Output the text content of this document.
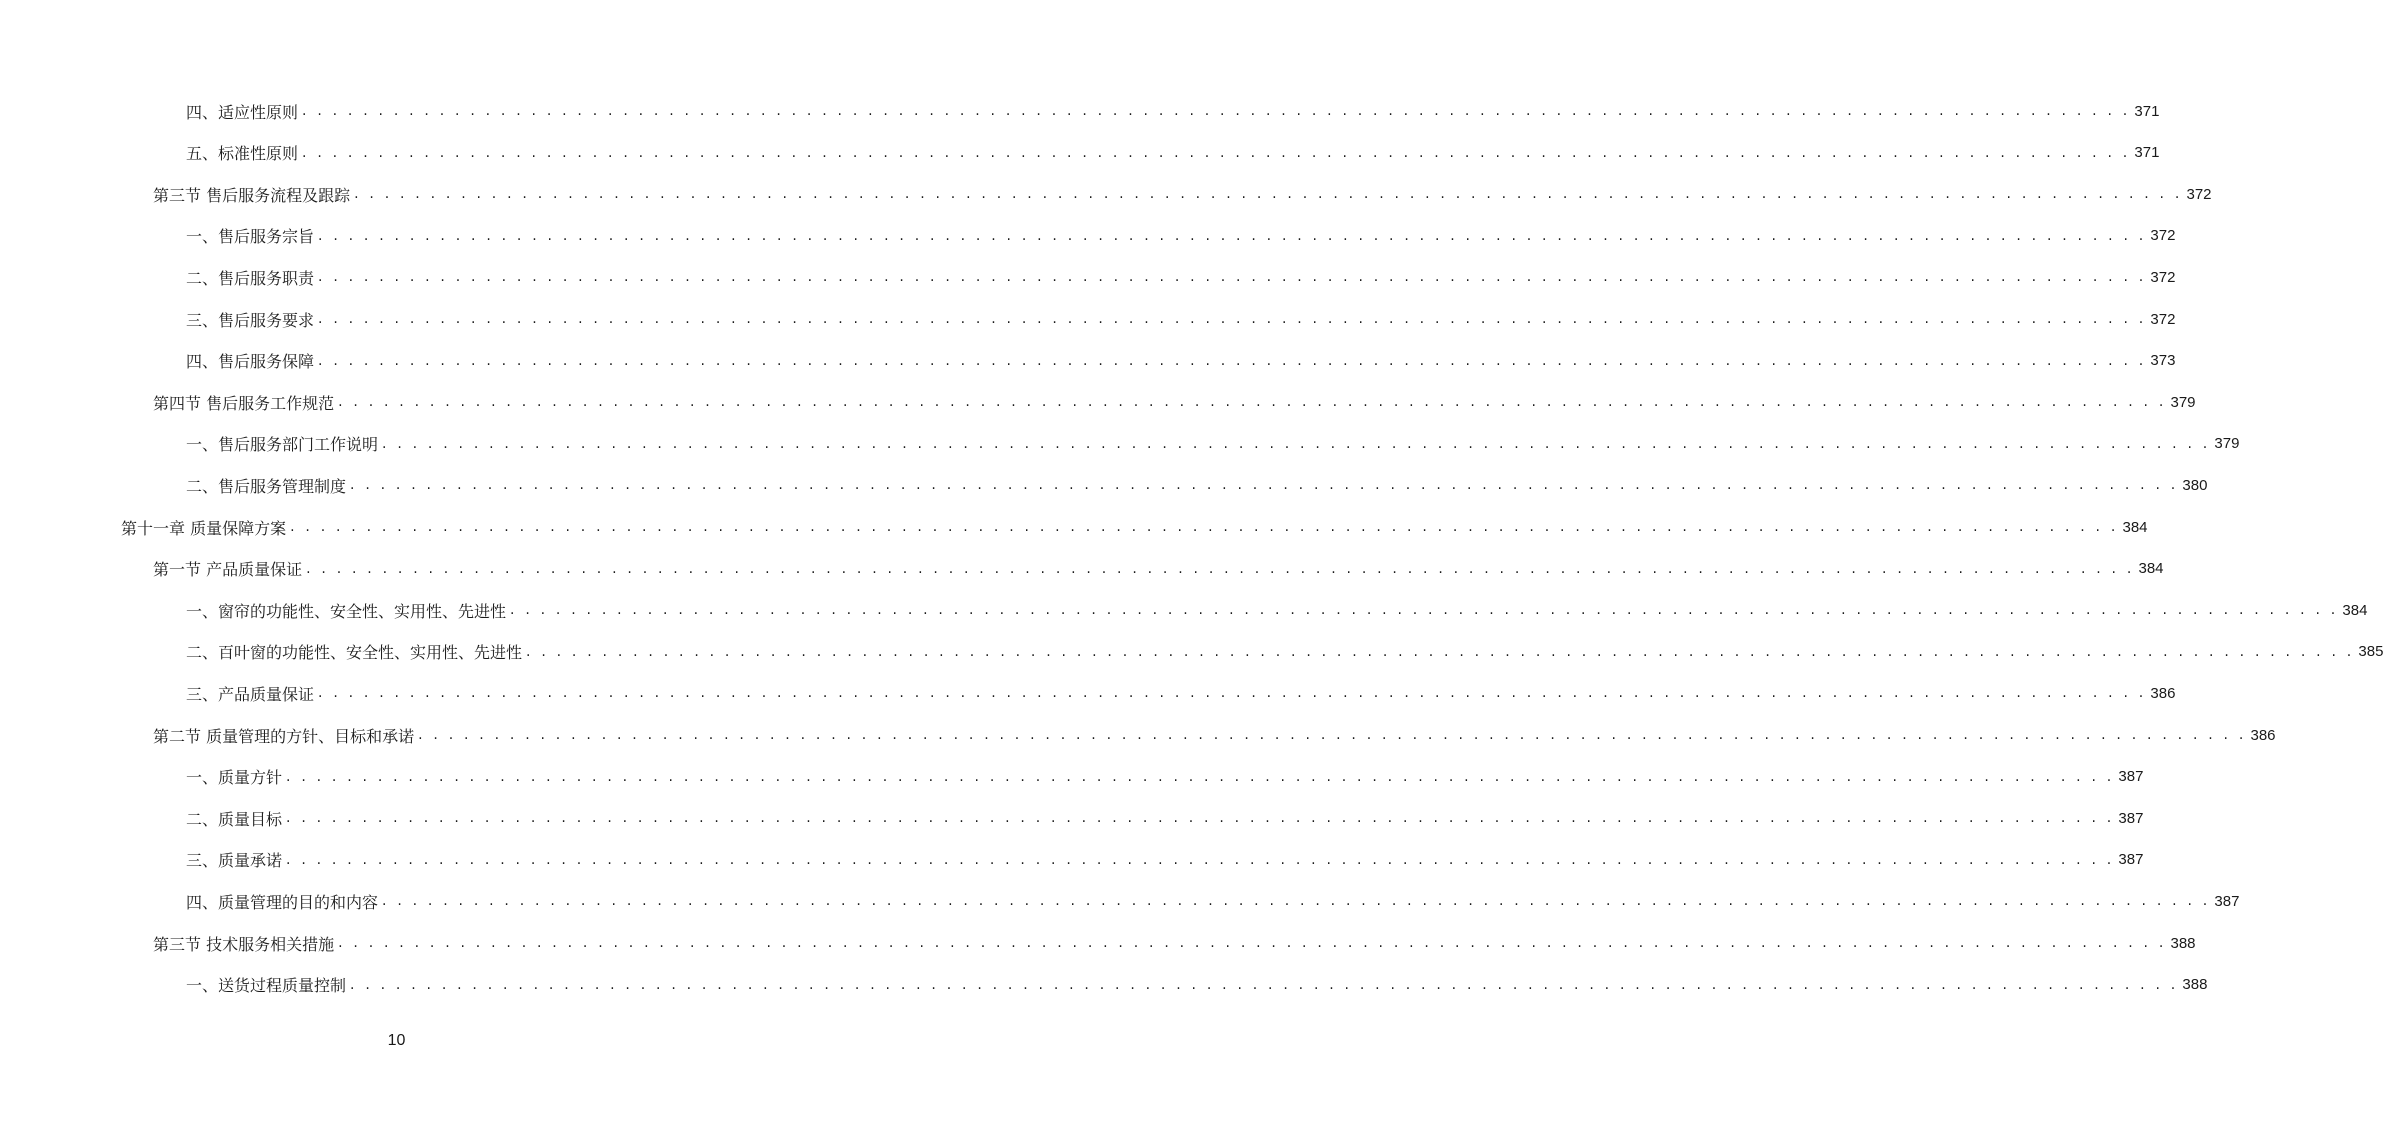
四、适应性原则 . . . . . . . . . . . . . . . . . . . . . . . . . . . . . . . . . . . . . . . . . . . . . . . . . . . . . . . . . . . . . . . . . . . . . . . . . . . . . . . . . . . . . . . . . . . . . . . . . . . . . . . . . . . . . . . . . . . . . . . . 371
五、标准性原则 . . . . . . . . . . . . . . . . . . . . . . . . . . . . . . . . . . . . . . . . . . . . . . . . . . . . . . . . . . . . . . . . . . . . . . . . . . . . . . . . . . . . . . . . . . . . . . . . . . . . . . . . . . . . . . . . . . . . . . . . 371
第三节 售后服务流程及跟踪 . . . . . . . . . . . . . . . . . . . . . . . . . . . . . . . . . . . . . . . . . . . . . . . . . . . . . . . . . . . . . . . . . . . . . . . . . . . . . . . . . . . . . . . . . . . . . . . . . . . . . . . . . . . . . . . . . . . . . . . . 372
一、售后服务宗旨 . . . . . . . . . . . . . . . . . . . . . . . . . . . . . . . . . . . . . . . . . . . . . . . . . . . . . . . . . . . . . . . . . . . . . . . . . . . . . . . . . . . . . . . . . . . . . . . . . . . . . . . . . . . . . . . . . . . . . . . . 372
二、售后服务职责 . . . . . . . . . . . . . . . . . . . . . . . . . . . . . . . . . . . . . . . . . . . . . . . . . . . . . . . . . . . . . . . . . . . . . . . . . . . . . . . . . . . . . . . . . . . . . . . . . . . . . . . . . . . . . . . . . . . . . . . . 372
三、售后服务要求 . . . . . . . . . . . . . . . . . . . . . . . . . . . . . . . . . . . . . . . . . . . . . . . . . . . . . . . . . . . . . . . . . . . . . . . . . . . . . . . . . . . . . . . . . . . . . . . . . . . . . . . . . . . . . . . . . . . . . . . . 372
四、售后服务保障 . . . . . . . . . . . . . . . . . . . . . . . . . . . . . . . . . . . . . . . . . . . . . . . . . . . . . . . . . . . . . . . . . . . . . . . . . . . . . . . . . . . . . . . . . . . . . . . . . . . . . . . . . . . . . . . . . . . . . . . . 373
第四节 售后服务工作规范 . . . . . . . . . . . . . . . . . . . . . . . . . . . . . . . . . . . . . . . . . . . . . . . . . . . . . . . . . . . . . . . . . . . . . . . . . . . . . . . . . . . . . . . . . . . . . . . . . . . . . . . . . . . . . . . . . . . . . . . . 379
一、售后服务部门工作说明 . . . . . . . . . . . . . . . . . . . . . . . . . . . . . . . . . . . . . . . . . . . . . . . . . . . . . . . . . . . . . . . . . . . . . . . . . . . . . . . . . . . . . . . . . . . . . . . . . . . . . . . . . . . . . . . . . . . . . . . . 379
二、售后服务管理制度 . . . . . . . . . . . . . . . . . . . . . . . . . . . . . . . . . . . . . . . . . . . . . . . . . . . . . . . . . . . . . . . . . . . . . . . . . . . . . . . . . . . . . . . . . . . . . . . . . . . . . . . . . . . . . . . . . . . . . . . . 380
第十一章 质量保障方案 . . . . . . . . . . . . . . . . . . . . . . . . . . . . . . . . . . . . . . . . . . . . . . . . . . . . . . . . . . . . . . . . . . . . . . . . . . . . . . . . . . . . . . . . . . . . . . . . . . . . . . . . . . . . . . . . . . . . . . . . 384
第一节 产品质量保证 . . . . . . . . . . . . . . . . . . . . . . . . . . . . . . . . . . . . . . . . . . . . . . . . . . . . . . . . . . . . . . . . . . . . . . . . . . . . . . . . . . . . . . . . . . . . . . . . . . . . . . . . . . . . . . . . . . . . . . . . 384
一、窗帘的功能性、安全性、实用性、先进性 . . . . . . . . . . . . . . . . . . . . . . . . . . . . . . . . . . . . . . . . . . . . . . . . . . . . . . . . . . . . . . . . . . . . . . . . . . . . . . . . . . . . . . . . . . . . . . . . . . . . . . . . . . . . . . . . . . . . . . . . 384
二、百叶窗的功能性、安全性、实用性、先进性 . . . . . . . . . . . . . . . . . . . . . . . . . . . . . . . . . . . . . . . . . . . . . . . . . . . . . . . . . . . . . . . . . . . . . . . . . . . . . . . . . . . . . . . . . . . . . . . . . . . . . . . . . . . . . . . . . . . . . . . . 385
三、产品质量保证 . . . . . . . . . . . . . . . . . . . . . . . . . . . . . . . . . . . . . . . . . . . . . . . . . . . . . . . . . . . . . . . . . . . . . . . . . . . . . . . . . . . . . . . . . . . . . . . . . . . . . . . . . . . . . . . . . . . . . . . . 386
第二节 质量管理的方针、目标和承诺 . . . . . . . . . . . . . . . . . . . . . . . . . . . . . . . . . . . . . . . . . . . . . . . . . . . . . . . . . . . . . . . . . . . . . . . . . . . . . . . . . . . . . . . . . . . . . . . . . . . . . . . . . . . . . . . . . . . . . . . . 386
一、质量方针 . . . . . . . . . . . . . . . . . . . . . . . . . . . . . . . . . . . . . . . . . . . . . . . . . . . . . . . . . . . . . . . . . . . . . . . . . . . . . . . . . . . . . . . . . . . . . . . . . . . . . . . . . . . . . . . . . . . . . . . . 387
二、质量目标 . . . . . . . . . . . . . . . . . . . . . . . . . . . . . . . . . . . . . . . . . . . . . . . . . . . . . . . . . . . . . . . . . . . . . . . . . . . . . . . . . . . . . . . . . . . . . . . . . . . . . . . . . . . . . . . . . . . . . . . . 387
三、质量承诺 . . . . . . . . . . . . . . . . . . . . . . . . . . . . . . . . . . . . . . . . . . . . . . . . . . . . . . . . . . . . . . . . . . . . . . . . . . . . . . . . . . . . . . . . . . . . . . . . . . . . . . . . . . . . . . . . . . . . . . . . 387
四、质量管理的目的和内容 . . . . . . . . . . . . . . . . . . . . . . . . . . . . . . . . . . . . . . . . . . . . . . . . . . . . . . . . . . . . . . . . . . . . . . . . . . . . . . . . . . . . . . . . . . . . . . . . . . . . . . . . . . . . . . . . . . . . . . . . 387
第三节 技术服务相关措施 . . . . . . . . . . . . . . . . . . . . . . . . . . . . . . . . . . . . . . . . . . . . . . . . . . . . . . . . . . . . . . . . . . . . . . . . . . . . . . . . . . . . . . . . . . . . . . . . . . . . . . . . . . . . . . . . . . . . . . . . 388
一、送货过程质量控制 . . . . . . . . . . . . . . . . . . . . . . . . . . . . . . . . . . . . . . . . . . . . . . . . . . . . . . . . . . . . . . . . . . . . . . . . . . . . . . . . . . . . . . . . . . . . . . . . . . . . . . . . . . . . . . . . . . . . . . . . 388
10
